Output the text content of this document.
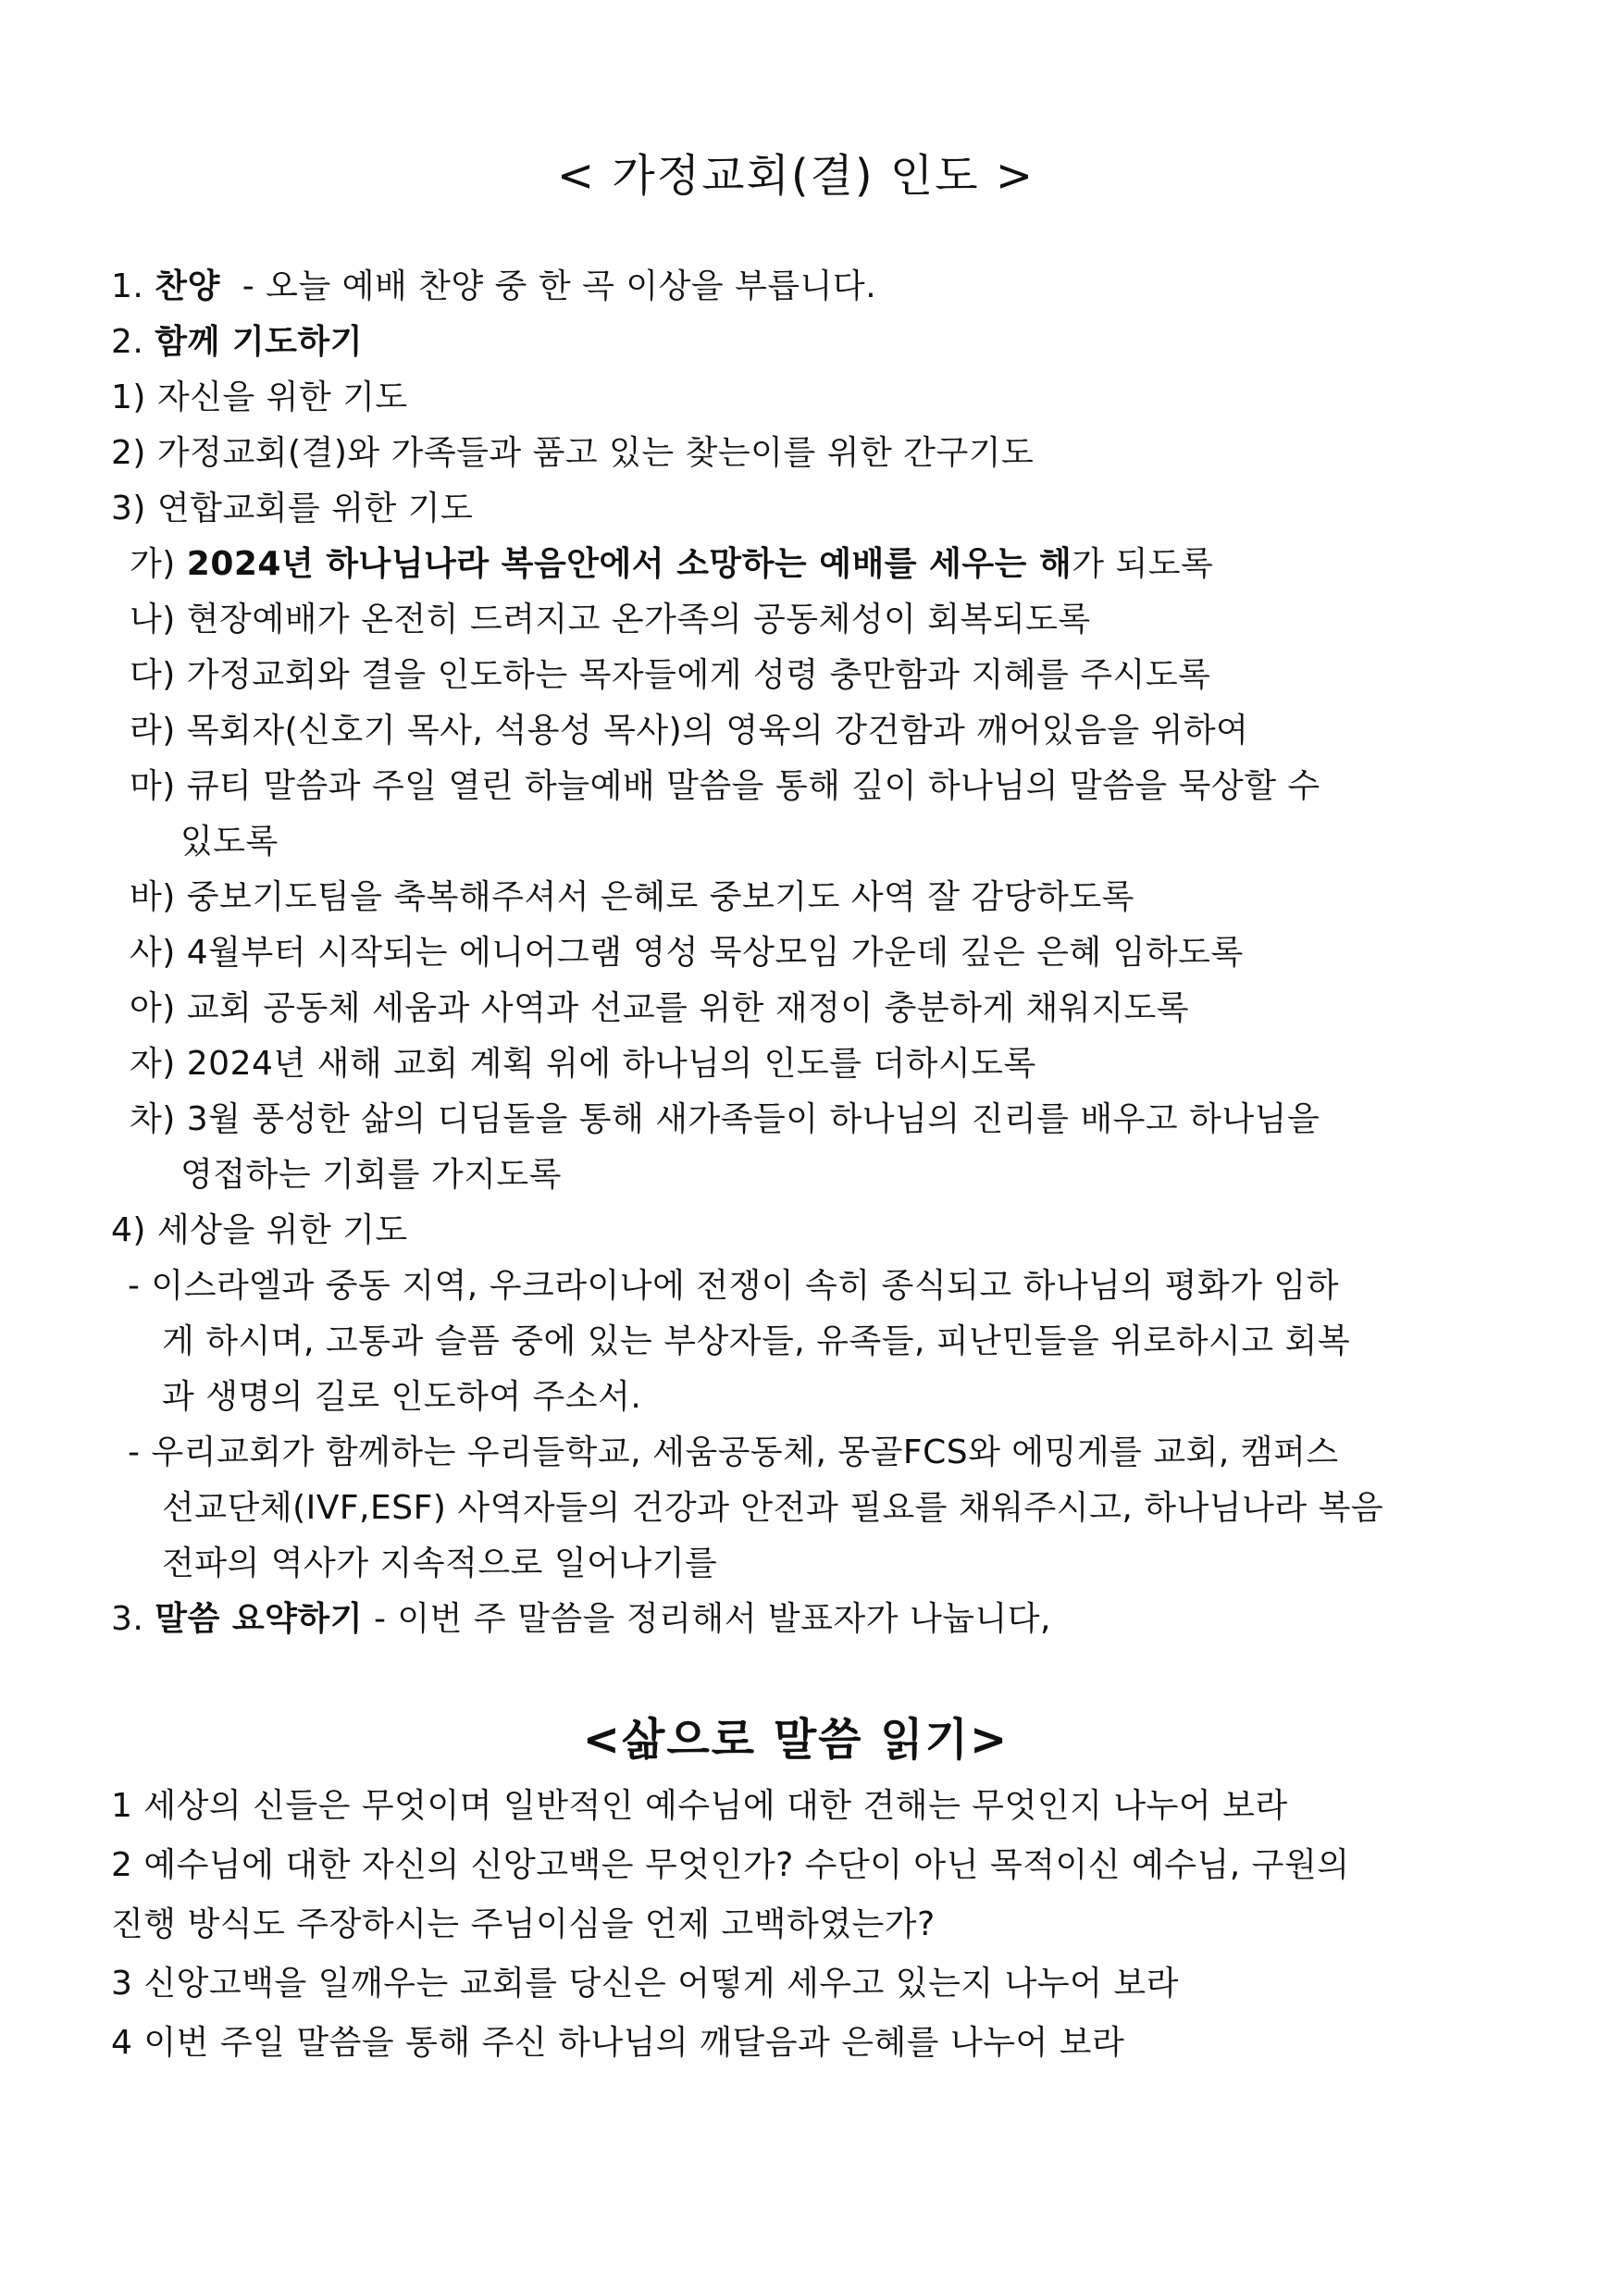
< 가정교회(결) 인도 >
1. 찬양  - 오늘 예배 찬양 중 한 곡 이상을 부릅니다.
2. 함께 기도하기
1) 자신을 위한 기도
2) 가정교회(결)와 가족들과 품고 있는 찾는이를 위한 간구기도
3) 연합교회를 위한 기도
가) 2024년 하나님나라 복음안에서 소망하는 예배를 세우는 해가 되도록
나) 현장예배가 온전히 드려지고 온가족의 공동체성이 회복되도록
다) 가정교회와 결을 인도하는 목자들에게 성령 충만함과 지혜를 주시도록
라) 목회자(신호기 목사, 석용성 목사)의 영육의 강건함과 깨어있음을 위하여
마) 큐티 말씀과 주일 열린 하늘예배 말씀을 통해 깊이 하나님의 말씀을 묵상할 수
있도록
바) 중보기도팀을 축복해주셔서 은혜로 중보기도 사역 잘 감당하도록
사) 4월부터 시작되는 에니어그램 영성 묵상모임 가운데 깊은 은혜 임하도록
아) 교회 공동체 세움과 사역과 선교를 위한 재정이 충분하게 채워지도록
자) 2024년 새해 교회 계획 위에 하나님의 인도를 더하시도록
차) 3월 풍성한 삶의 디딤돌을 통해 새가족들이 하나님의 진리를 배우고 하나님을
영접하는 기회를 가지도록
4) 세상을 위한 기도
- 이스라엘과 중동 지역, 우크라이나에 전쟁이 속히 종식되고 하나님의 평화가 임하
게 하시며, 고통과 슬픔 중에 있는 부상자들, 유족들, 피난민들을 위로하시고 회복
과 생명의 길로 인도하여 주소서.
- 우리교회가 함께하는 우리들학교, 세움공동체, 몽골FCS와 에밍게를 교회, 캠퍼스
선교단체(IVF,ESF) 사역자들의 건강과 안전과 필요를 채워주시고, 하나님나라 복음
전파의 역사가 지속적으로 일어나기를
3. 말씀 요약하기 - 이번 주 말씀을 정리해서 발표자가 나눕니다,
<삶으로 말씀 읽기>
1 세상의 신들은 무엇이며 일반적인 예수님에 대한 견해는 무엇인지 나누어 보라
2 예수님에 대한 자신의 신앙고백은 무엇인가? 수단이 아닌 목적이신 예수님, 구원의
진행 방식도 주장하시는 주님이심을 언제 고백하였는가?
3 신앙고백을 일깨우는 교회를 당신은 어떻게 세우고 있는지 나누어 보라
4 이번 주일 말씀을 통해 주신 하나님의 깨달음과 은혜를 나누어 보라
